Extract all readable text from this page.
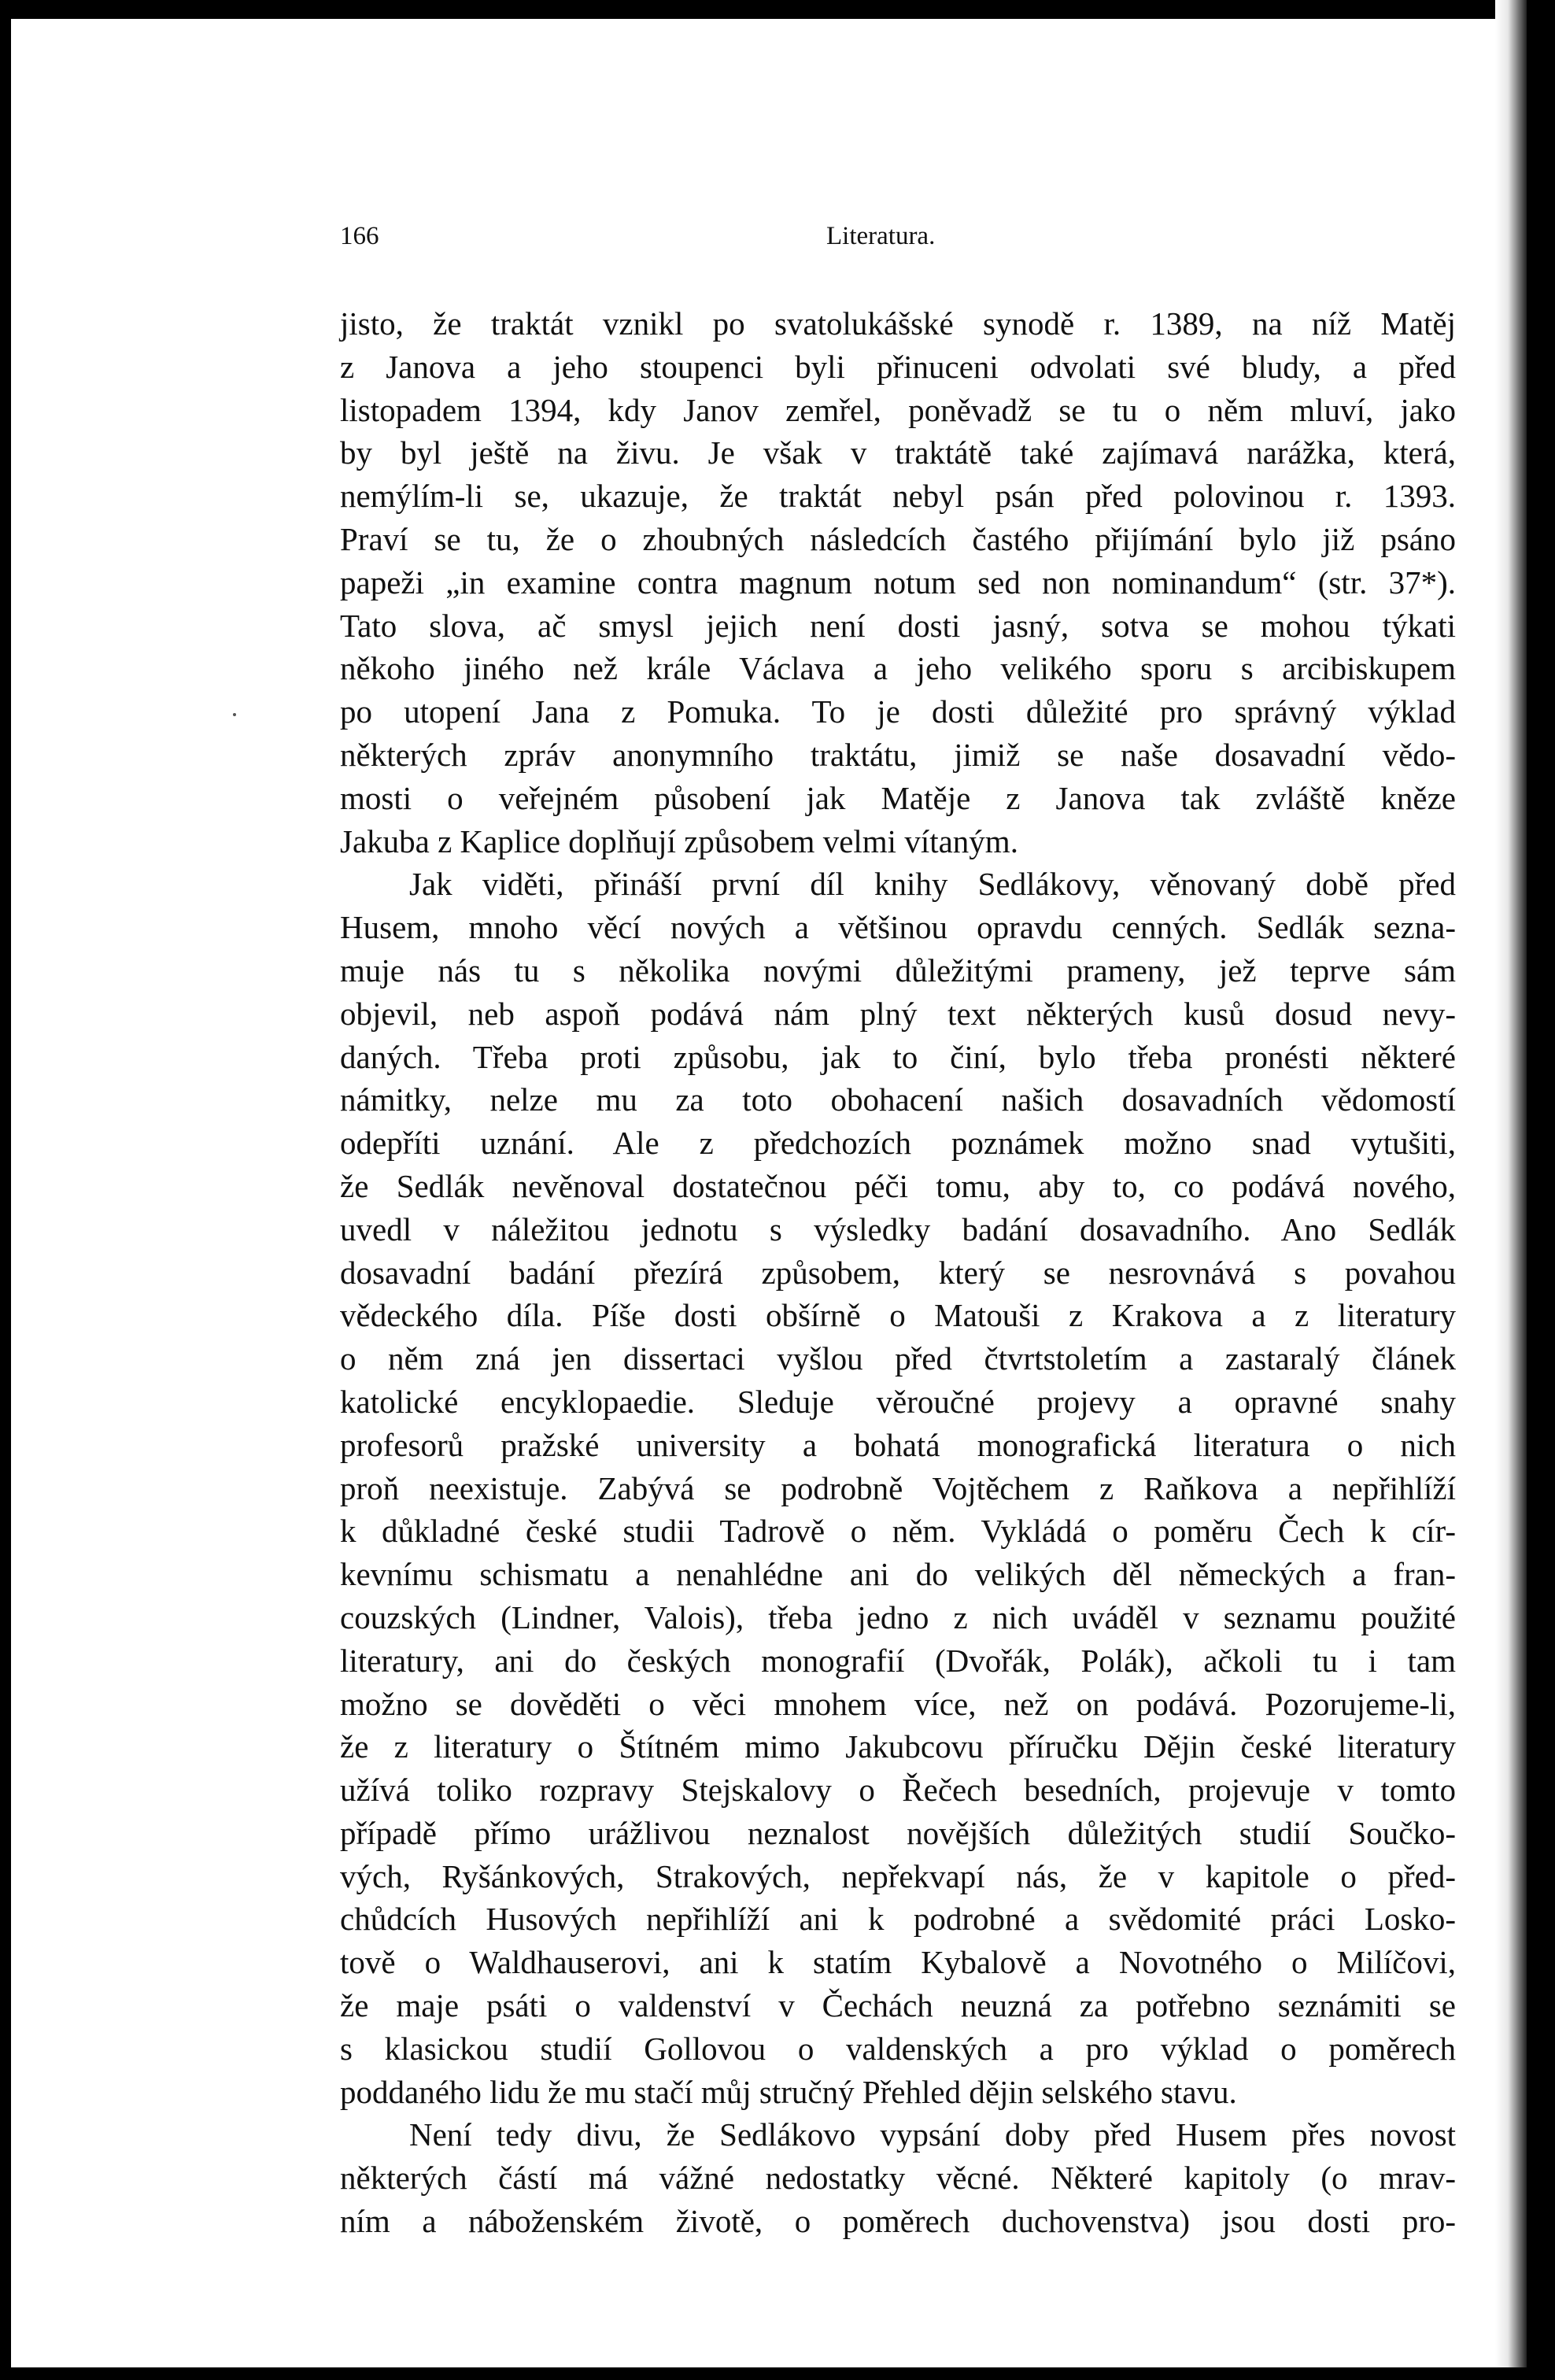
166	Literatura.
jisto, že traktát vznikl po svatolukášské synodě r. 1389, na níž Matěj
z Janova a jeho stoupenci byli přinuceni odvolati své bludy, a před
listopadem 1394, kdy Janov zemřel, poněvadž se tu o něm mluví, jako
by byl ještě na živu. Je však v traktátě také zajímavá narážka, která,
nemýlím-li se, ukazuje, že traktát nebyl psán před polovinou r. 1393.
Praví se tu, že o zhoubných následcích častého přijímání bylo již psáno
papeži „in examine contra magnum notum sed non nominandum“ (str. 37*).
Tato slova, ač smysl jejich není dosti jasný, sotva se mohou týkati
někoho jiného než krále Václava a jeho velikého sporu s arcibiskupem
po utopení Jana z Pomuka. To je dosti důležité pro správný výklad
některých zpráv anonymního traktátu, jimiž se naše dosavadní vědo-
mosti o veřejném působení jak Matěje z Janova tak zvláště kněze
Jakuba z Kaplice doplňují způsobem velmi vítaným.
Jak viděti, přináší první díl knihy Sedlákovy, věnovaný době před
Husem, mnoho věcí nových a většinou opravdu cenných. Sedlák sezna-
muje nás tu s několika novými důležitými prameny, jež teprve sám
objevil, neb aspoň podává nám plný text některých kusů dosud nevy-
daných. Třeba proti způsobu, jak to činí, bylo třeba pronésti některé
námitky, nelze mu za toto obohacení našich dosavadních vědomostí
odepříti uznání. Ale z předchozích poznámek možno snad vytušiti,
že Sedlák nevěnoval dostatečnou péči tomu, aby to, co podává nového,
uvedl v náležitou jednotu s výsledky badání dosavadního. Ano Sedlák
dosavadní badání přezírá způsobem, který se nesrovnává s povahou
vědeckého díla. Píše dosti obšírně o Matouši z Krakova a z literatury
o něm zná jen dissertaci vyšlou před čtvrtstoletím a zastaralý článek
katolické encyklopaedie. Sleduje věroučné projevy a opravné snahy
profesorů pražské university a bohatá monografická literatura o nich
proň neexistuje. Zabývá se podrobně Vojtěchem z Raňkova a nepřihlíží
k důkladné české studii Tadrově o něm. Vykládá o poměru Čech k cír-
kevnímu schismatu a nenahlédne ani do velikých děl německých a fran-
couzských (Lindner, Valois), třeba jedno z nich uváděl v seznamu použité
literatury, ani do českých monografií (Dvořák, Polák), ačkoli tu i tam
možno se dověděti o věci mnohem více, než on podává. Pozorujeme-li,
že z literatury o Štítném mimo Jakubcovu příručku Dějin české literatury
užívá toliko rozpravy Stejskalovy o Řečech besedních, projevuje v tomto
případě přímo urážlivou neznalost novějších důležitých studií Součko-
vých, Ryšánkových, Strakových, nepřekvapí nás, že v kapitole o před-
chůdcích Husových nepřihlíží ani k podrobné a svědomité práci Losko-
tově o Waldhauserovi, ani k statím Kybalově a Novotného o Milíčovi,
že maje psáti o valdenství v Čechách neuzná za potřebno seznámiti se
s klasickou studií Gollovou o valdenských a pro výklad o poměrech
poddaného lidu že mu stačí můj stručný Přehled dějin selského stavu.
Není tedy divu, že Sedlákovo vypsání doby před Husem přes novost
některých částí má vážné nedostatky věcné. Některé kapitoly (o mrav-
ním a náboženském životě, o poměrech duchovenstva) jsou dosti pro-
